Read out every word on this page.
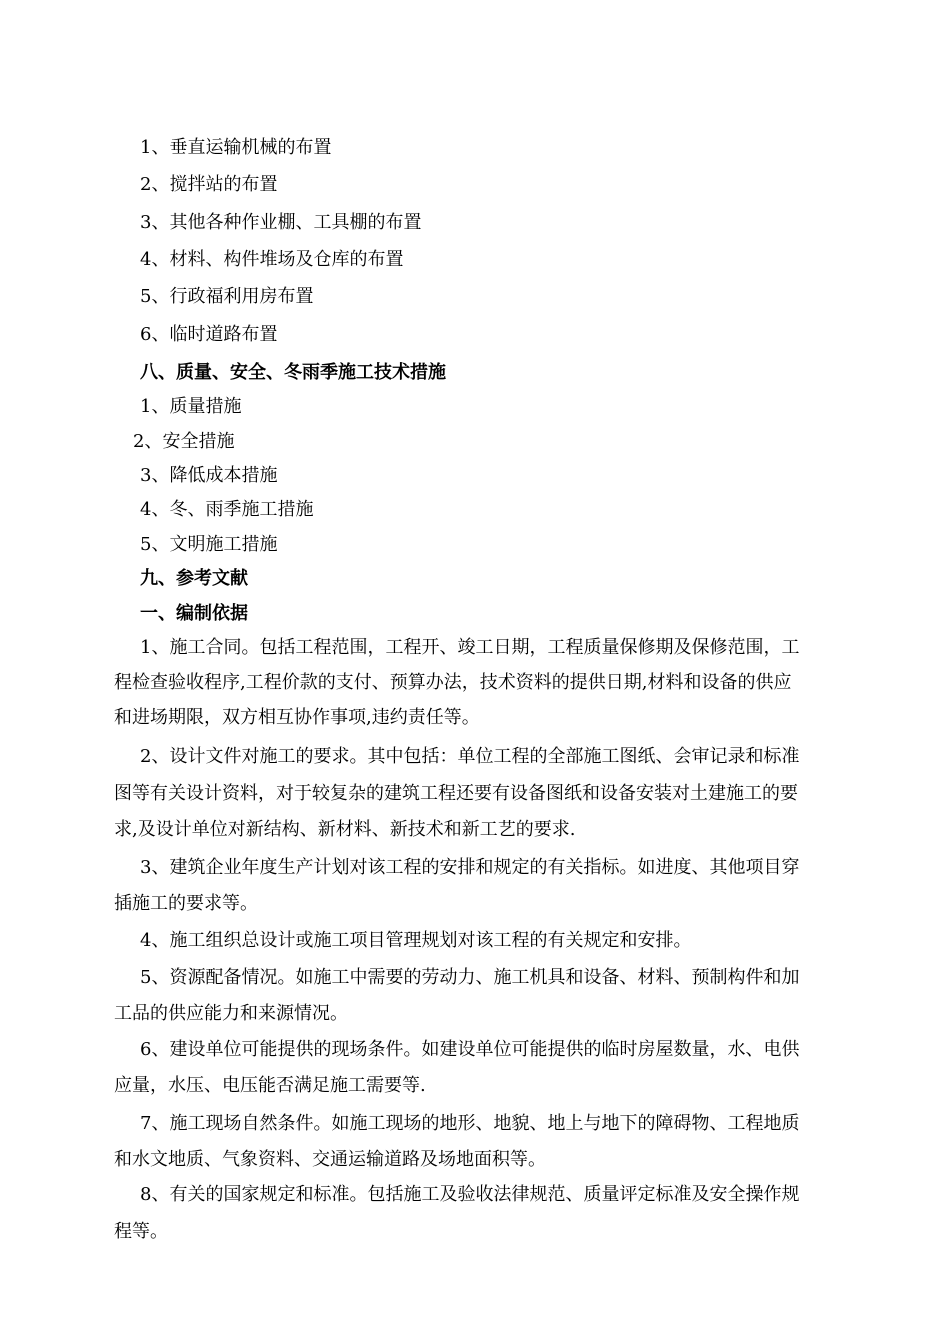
1、垂直运输机械的布置
2、搅拌站的布置
3、其他各种作业棚、工具棚的布置
4、材料、构件堆场及仓库的布置
5、行政福利用房布置
6、临时道路布置
八、质量、安全、冬雨季施工技术措施
1、质量措施
2、安全措施
3、降低成本措施
4、冬、雨季施工措施
5、文明施工措施
九、参考文献
一、编制依据
1、施工合同。包括工程范围，工程开、竣工日期，工程质量保修期及保修范围，工
程检查验收程序,工程价款的支付、预算办法，技术资料的提供日期,材料和设备的供应
和进场期限，双方相互协作事项,违约责任等。
2、设计文件对施工的要求。其中包括：单位工程的全部施工图纸、会审记录和标准
图等有关设计资料，对于较复杂的建筑工程还要有设备图纸和设备安装对土建施工的要
求,及设计单位对新结构、新材料、新技术和新工艺的要求.
3、建筑企业年度生产计划对该工程的安排和规定的有关指标。如进度、其他项目穿
插施工的要求等。
4、施工组织总设计或施工项目管理规划对该工程的有关规定和安排。
5、资源配备情况。如施工中需要的劳动力、施工机具和设备、材料、预制构件和加
工品的供应能力和来源情况。
6、建设单位可能提供的现场条件。如建设单位可能提供的临时房屋数量，水、电供
应量，水压、电压能否满足施工需要等.
7、施工现场自然条件。如施工现场的地形、地貌、地上与地下的障碍物、工程地质
和水文地质、气象资料、交通运输道路及场地面积等。
8、有关的国家规定和标准。包括施工及验收法律规范、质量评定标准及安全操作规
程等。
